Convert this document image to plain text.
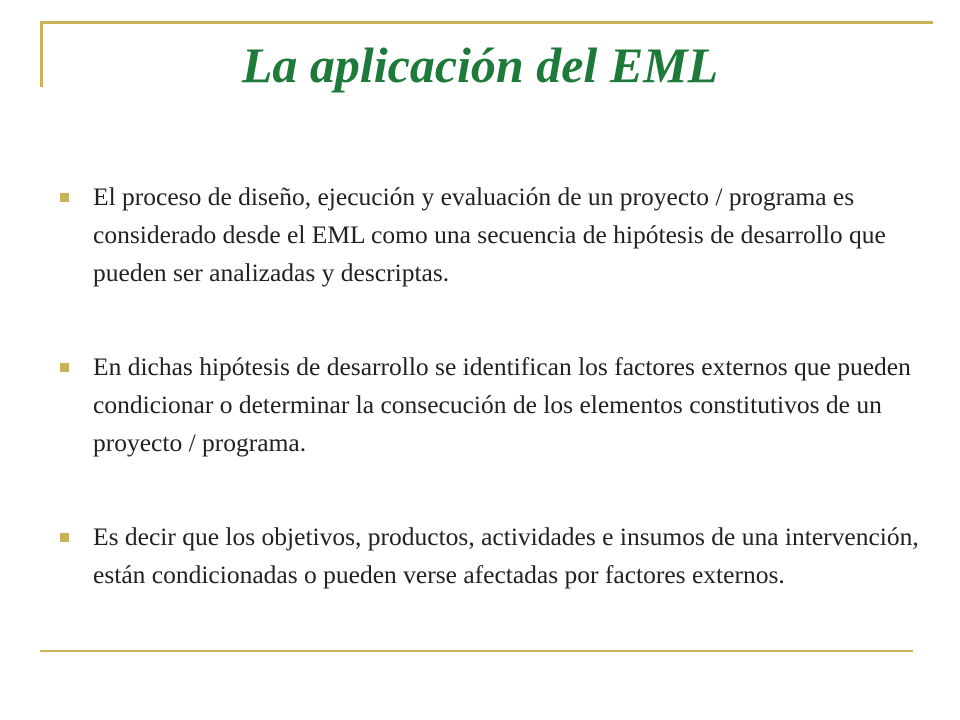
La aplicación del EML
El proceso de diseño, ejecución y evaluación de un proyecto / programa es considerado desde el EML como una secuencia de hipótesis de desarrollo que pueden ser analizadas y descriptas.
En dichas hipótesis de desarrollo se identifican los factores externos que pueden condicionar o determinar la consecución de los elementos constitutivos de un proyecto / programa.
Es decir que los objetivos, productos, actividades e insumos de una intervención, están condicionadas o pueden verse afectadas por factores externos.
